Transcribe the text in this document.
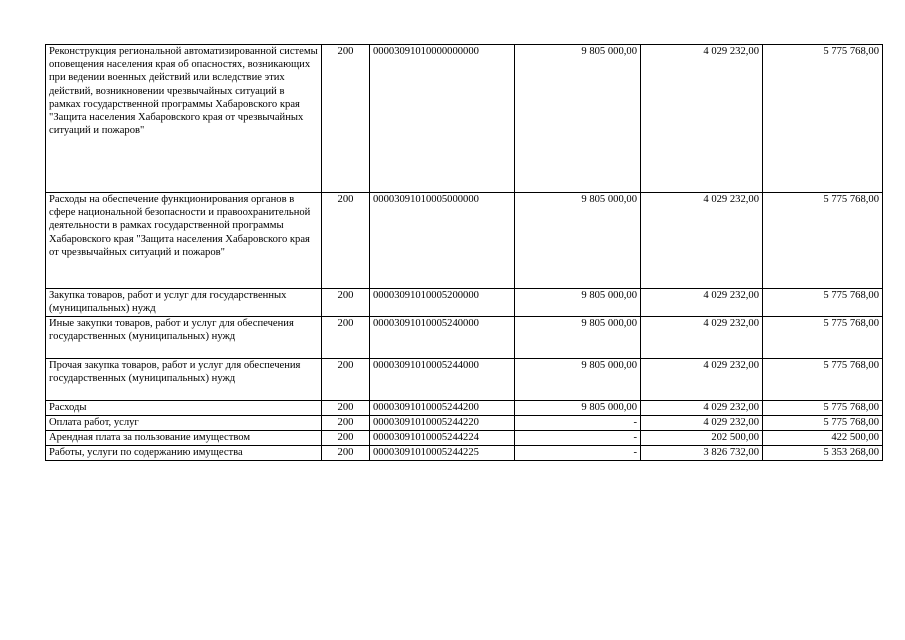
Реконструкция региональной автоматизированной системы оповещения населения края об опасностях, возникающих при ведении военных действий или вследствие этих действий, возникновении чрезвычайных ситуаций в рамках государственной программы Хабаровского края "Защита населения Хабаровского края от чрезвычайных ситуаций и пожаров"	200	00003091010000000000	9 805 000,00	4 029 232,00	5 775 768,00
Расходы на обеспечение функционирования органов в сфере национальной безопасности и правоохранительной деятельности в рамках государственной программы Хабаровского края "Защита населения Хабаровского края от чрезвычайных ситуаций и пожаров"	200	00003091010005000000	9 805 000,00	4 029 232,00	5 775 768,00
Закупка товаров, работ и услуг для государственных (муниципальных) нужд	200	00003091010005200000	9 805 000,00	4 029 232,00	5 775 768,00
Иные закупки товаров, работ и услуг для обеспечения государственных (муниципальных) нужд	200	00003091010005240000	9 805 000,00	4 029 232,00	5 775 768,00
Прочая закупка товаров, работ и услуг для обеспечения государственных (муниципальных) нужд	200	00003091010005244000	9 805 000,00	4 029 232,00	5 775 768,00
Расходы	200	00003091010005244200	9 805 000,00	4 029 232,00	5 775 768,00
Оплата работ, услуг	200	00003091010005244220	-	4 029 232,00	5 775 768,00
Арендная плата за пользование имуществом	200	00003091010005244224	-	202 500,00	422 500,00
Работы, услуги по содержанию имущества	200	00003091010005244225	-	3 826 732,00	5 353 268,00
